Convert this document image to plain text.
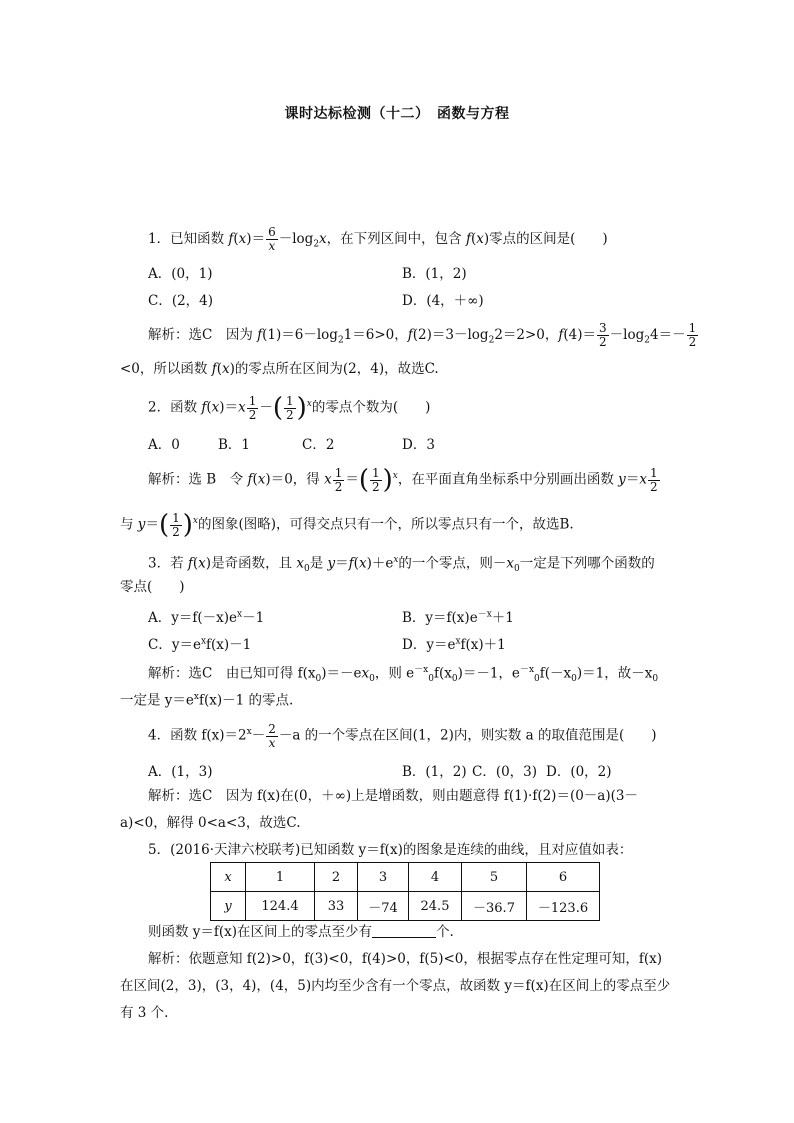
课时达标检测（十二）　函数与方程
1．已知函数 $f(x)= \frac{6}{x} -\log_2x$，在下列区间中，包含 f(x)零点的区间是(　　)
A．(0，1)	B．(1，2)
C．(2，4)	D．(4，＋∞)
解析：选C　因为 $f(1)=6-\log_21=6>0$，$f(2)=3-\log_22=2>0$，$f(4)= \frac{3}{2} -\log_24=- \frac{1}{2}$
<0，所以函数 f(x)的零点所在区间为(2，4)，故选C.
2．函数 $f(x)=x \frac{1}{2}$ －( $\frac{1}{2} )^x$的零点个数为(　　)
A．0	B．1	C．2	D．3
解析：选 B　令 f(x)＝0，得 x $\frac{1}{2}$ ＝( $\frac{1}{2} )^x$，在平面直角坐标系中分别画出函数 $y=x \frac{1}{2}$
与 $y=( \frac{1}{2} )^x$的图象(图略)，可得交点只有一个，所以零点只有一个，故选B.
3．若 f(x)是奇函数，且 $x_0$是 $y=f(x)+e^x$的一个零点，则$-x_0$一定是下列哪个函数的
零点(　　)
A．$y=f(-x)e^x-1$	B．$y=f(x)e^{-x}+1$
C．$y=e^xf(x)-1$	D．$y=e^xf(x)+1$
解析：选C　由已知可得 $f(x_0)=-ex_0$，则 $e^{-x}_0f(x_0)=-1$，$e^{-x}_0f(-x_0)=1$，故$-x_0$
一定是 $y=e^xf(x)-1$ 的零点.
4．函数 $f(x)=2^x- \frac{2}{x} -a$ 的一个零点在区间(1，2)内，则实数 a 的取值范围是(　　)
A．(1，3)	B．(1，2) C．(0，3) D．(0，2)
解析：选C　因为 f(x)在(0，＋∞)上是增函数，则由题意得 f(1)·f(2)＝(0－a)(3－
a)<0，解得 0<a<3，故选C.
5．(2016·天津六校联考)已知函数 y＝f(x)的图象是连续的曲线，且对应值如表：
x	1	2	3	4	5	6
y	124.4	33	－74	24.5	－36.7	－123.6
则函数 y＝f(x)在区间上的零点至少有	个.
解析：依题意知 f(2)>0，f(3)<0，f(4)>0，f(5)<0，根据零点存在性定理可知，f(x)
在区间(2，3)，(3，4)，(4，5)内均至少含有一个零点，故函数 y＝f(x)在区间上的零点至少
有 3 个.
